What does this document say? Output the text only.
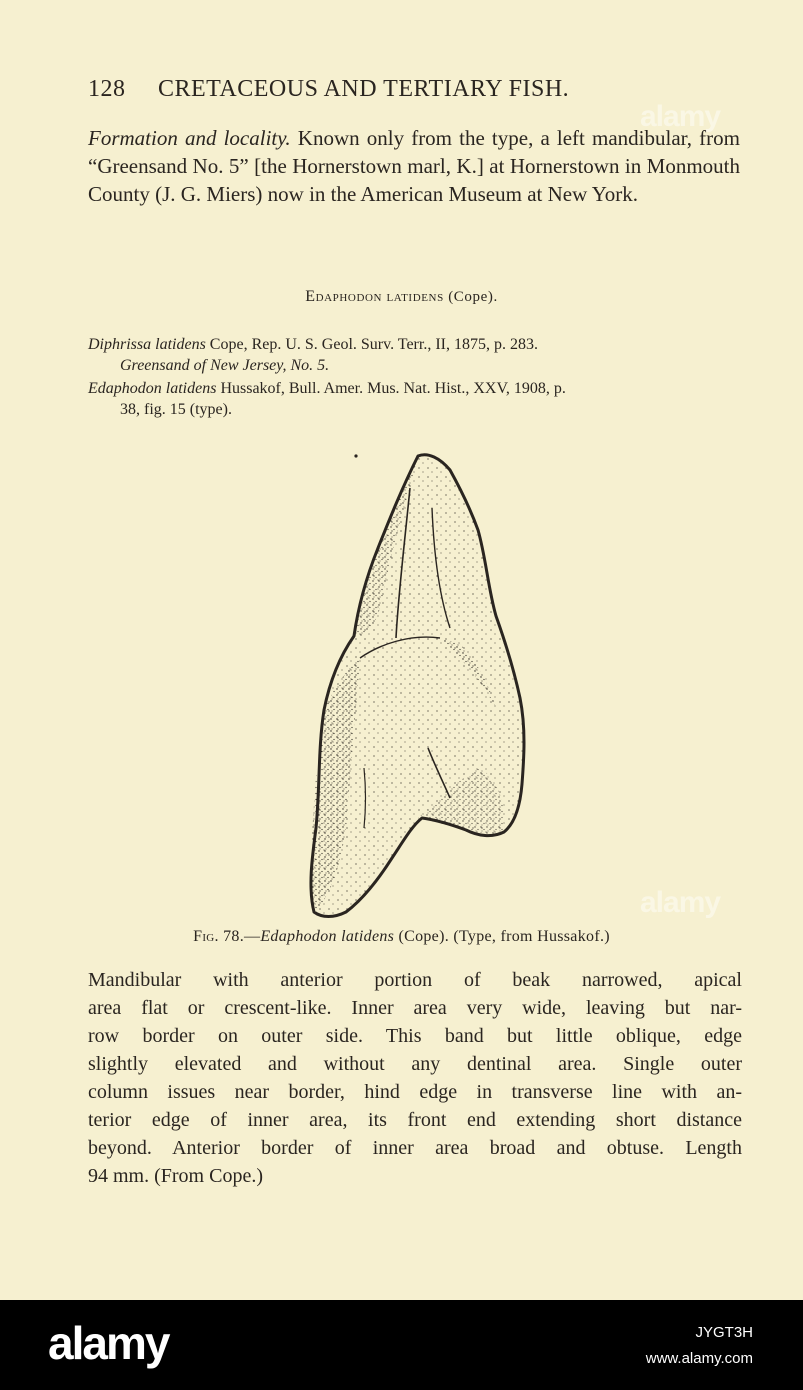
128 CRETACEOUS AND TERTIARY FISH.
Formation and locality. Known only from the type, a left mandibular, from “Greensand No. 5” [the Hornerstown marl, K.] at Hornerstown in Monmouth County (J. G. Miers) now in the American Museum at New York.
Edaphodon latidens (Cope).
Diphrissa latidens Cope, Rep. U. S. Geol. Surv. Terr., II, 1875, p. 283.
Greensand of New Jersey, No. 5.
Edaphodon latidens Hussakof, Bull. Amer. Mus. Nat. Hist., XXV, 1908, p.
38, fig. 15 (type).
Fig. 78.—Edaphodon latidens (Cope). (Type, from Hussakof.)
Mandibular with anterior portion of beak narrowed, apical
area flat or crescent-like. Inner area very wide, leaving but nar-
row border on outer side. This band but little oblique, edge
slightly elevated and without any dentinal area. Single outer
column issues near border, hind edge in transverse line with an-
terior edge of inner area, its front end extending short distance
beyond. Anterior border of inner area broad and obtuse. Length
94 mm. (From Cope.)
alamy
alamy
alamy	JYGT3H
www.alamy.com
